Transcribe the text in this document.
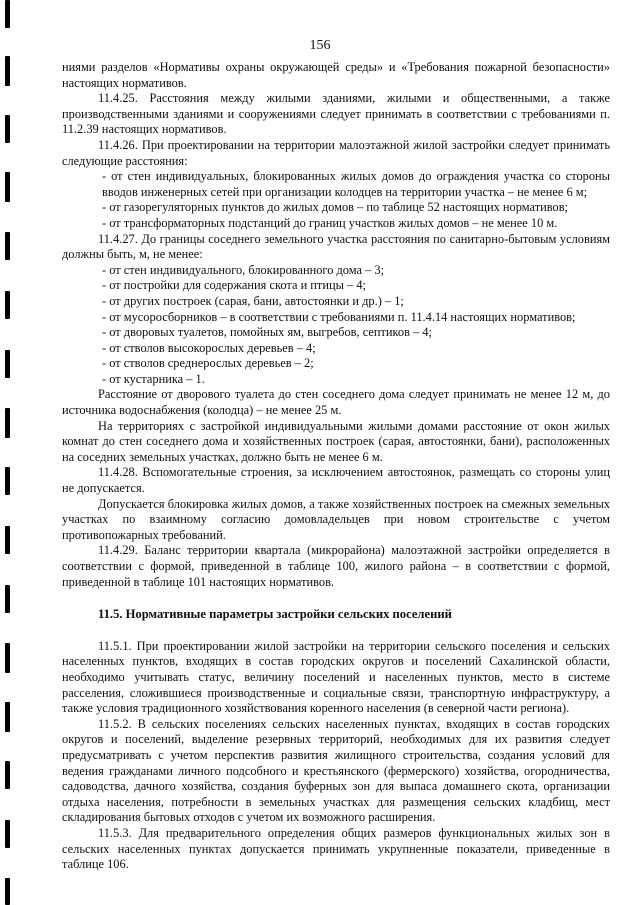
156

ниями разделов «Нормативы охраны окружающей среды» и «Требования пожарной безопасности» настоящих нормативов.

11.4.25. Расстояния между жилыми зданиями, жилыми и общественными, а также производственными зданиями и сооружениями следует принимать в соответствии с требованиями п. 11.2.39 настоящих нормативов.

11.4.26. При проектировании на территории малоэтажной жилой застройки следует принимать следующие расстояния:

- от стен индивидуальных, блокированных жилых домов до ограждения участка со стороны вводов инженерных сетей при организации колодцев на территории участка – не менее 6 м;

- от газорегуляторных пунктов до жилых домов – по таблице 52 настоящих нормативов;

- от трансформаторных подстанций до границ участков жилых домов – не менее 10 м.

11.4.27. До границы соседнего земельного участка расстояния по санитарно-бытовым условиям должны быть, м, не менее:

- от стен индивидуального, блокированного дома – 3;

- от постройки для содержания скота и птицы – 4;

- от других построек (сарая, бани, автостоянки и др.) – 1;

- от мусоросборников – в соответствии с требованиями п. 11.4.14 настоящих нормативов;

- от дворовых туалетов, помойных ям, выгребов, септиков – 4;

- от стволов высокорослых деревьев – 4;

- от стволов среднерослых деревьев – 2;

- от кустарника – 1.

Расстояние от дворового туалета до стен соседнего дома следует принимать не менее 12 м, до источника водоснабжения (колодца) – не менее 25 м.

На территориях с застройкой индивидуальными жилыми домами расстояние от окон жилых комнат до стен соседнего дома и хозяйственных построек (сарая, автостоянки, бани), расположенных на соседних земельных участках, должно быть не менее 6 м.

11.4.28. Вспомогательные строения, за исключением автостоянок, размещать со стороны улиц не допускается.

Допускается блокировка жилых домов, а также хозяйственных построек на смежных земельных участках по взаимному согласию домовладельцев при новом строительстве с учетом противопожарных требований.

11.4.29. Баланс территории квартала (микрорайона) малоэтажной застройки определяется в соответствии с формой, приведенной в таблице 100, жилого района – в соответствии с формой, приведенной в таблице 101 настоящих нормативов.

11.5. Нормативные параметры застройки сельских поселений

11.5.1. При проектировании жилой застройки на территории сельского поселения и сельских населенных пунктов, входящих в состав городских округов и поселений Сахалинской области, необходимо учитывать статус, величину поселений и населенных пунктов, место в системе расселения, сложившиеся производственные и социальные связи, транспортную инфраструктуру, а также условия традиционного хозяйствования коренного населения (в северной части региона).

11.5.2. В сельских поселениях сельских населенных пунктах, входящих в состав городских округов и поселений, выделение резервных территорий, необходимых для их развития следует предусматривать с учетом перспектив развития жилищного строительства, создания условий для ведения гражданами личного подсобного и крестьянского (фермерского) хозяйства, огородничества, садоводства, дачного хозяйства, создания буферных зон для выпаса домашнего скота, организации отдыха населения, потребности в земельных участках для размещения сельских кладбищ, мест складирования бытовых отходов с учетом их возможного расширения.

11.5.3. Для предварительного определения общих размеров функциональных жилых зон в сельских населенных пунктах допускается принимать укрупненные показатели, приведенные в таблице 106.
